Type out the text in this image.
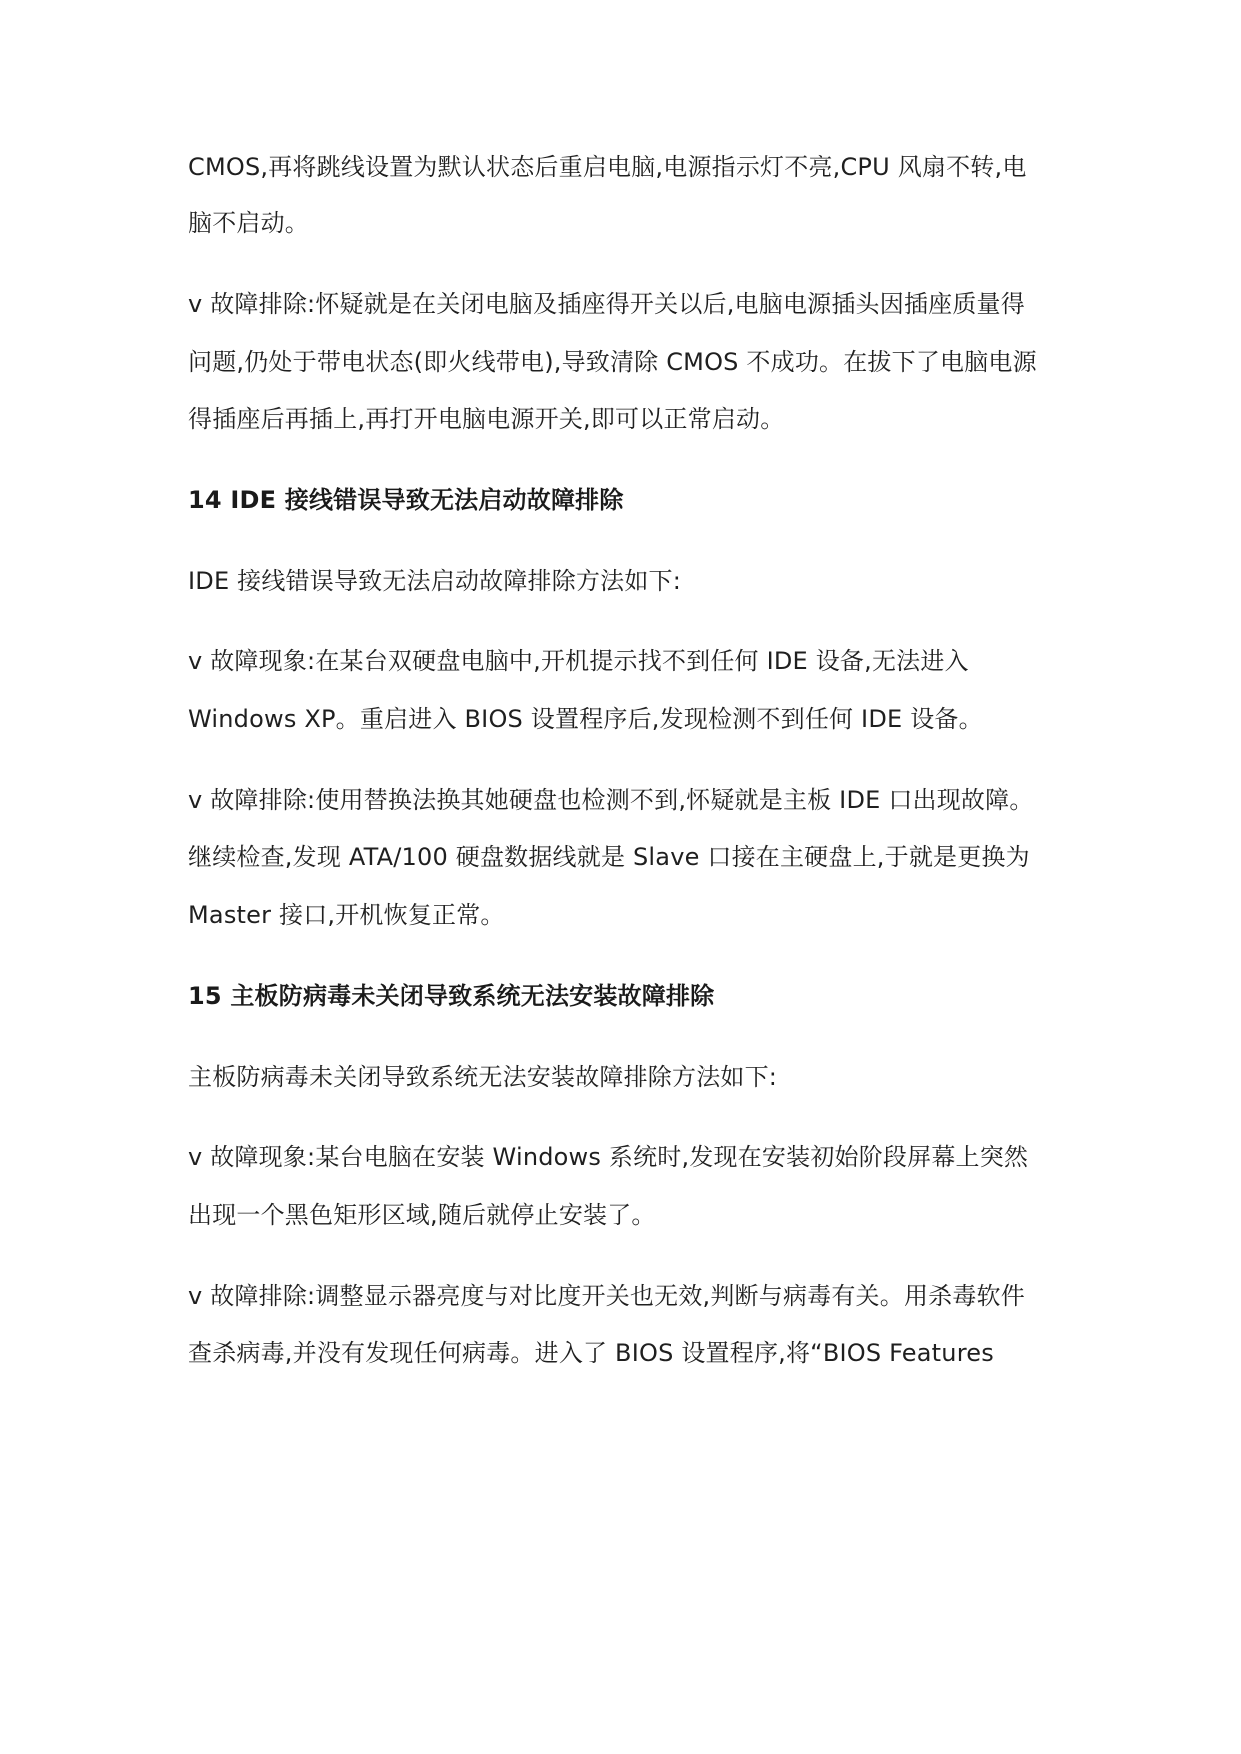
CMOS,再将跳线设置为默认状态后重启电脑,电源指示灯不亮,CPU 风扇不转,电
脑不启动。
v 故障排除:怀疑就是在关闭电脑及插座得开关以后,电脑电源插头因插座质量得
问题,仍处于带电状态(即火线带电),导致清除 CMOS 不成功。在拔下了电脑电源
得插座后再插上,再打开电脑电源开关,即可以正常启动。
14 IDE 接线错误导致无法启动故障排除
IDE 接线错误导致无法启动故障排除方法如下:
v 故障现象:在某台双硬盘电脑中,开机提示找不到任何 IDE 设备,无法进入
Windows XP。重启进入 BIOS 设置程序后,发现检测不到任何 IDE 设备。
v 故障排除:使用替换法换其她硬盘也检测不到,怀疑就是主板 IDE 口出现故障。
继续检查,发现 ATA/100 硬盘数据线就是 Slave 口接在主硬盘上,于就是更换为
Master 接口,开机恢复正常。
15 主板防病毒未关闭导致系统无法安装故障排除
主板防病毒未关闭导致系统无法安装故障排除方法如下:
v 故障现象:某台电脑在安装 Windows 系统时,发现在安装初始阶段屏幕上突然
出现一个黑色矩形区域,随后就停止安装了。
v 故障排除:调整显示器亮度与对比度开关也无效,判断与病毒有关。用杀毒软件
查杀病毒,并没有发现任何病毒。进入了 BIOS 设置程序,将“BIOS Features
